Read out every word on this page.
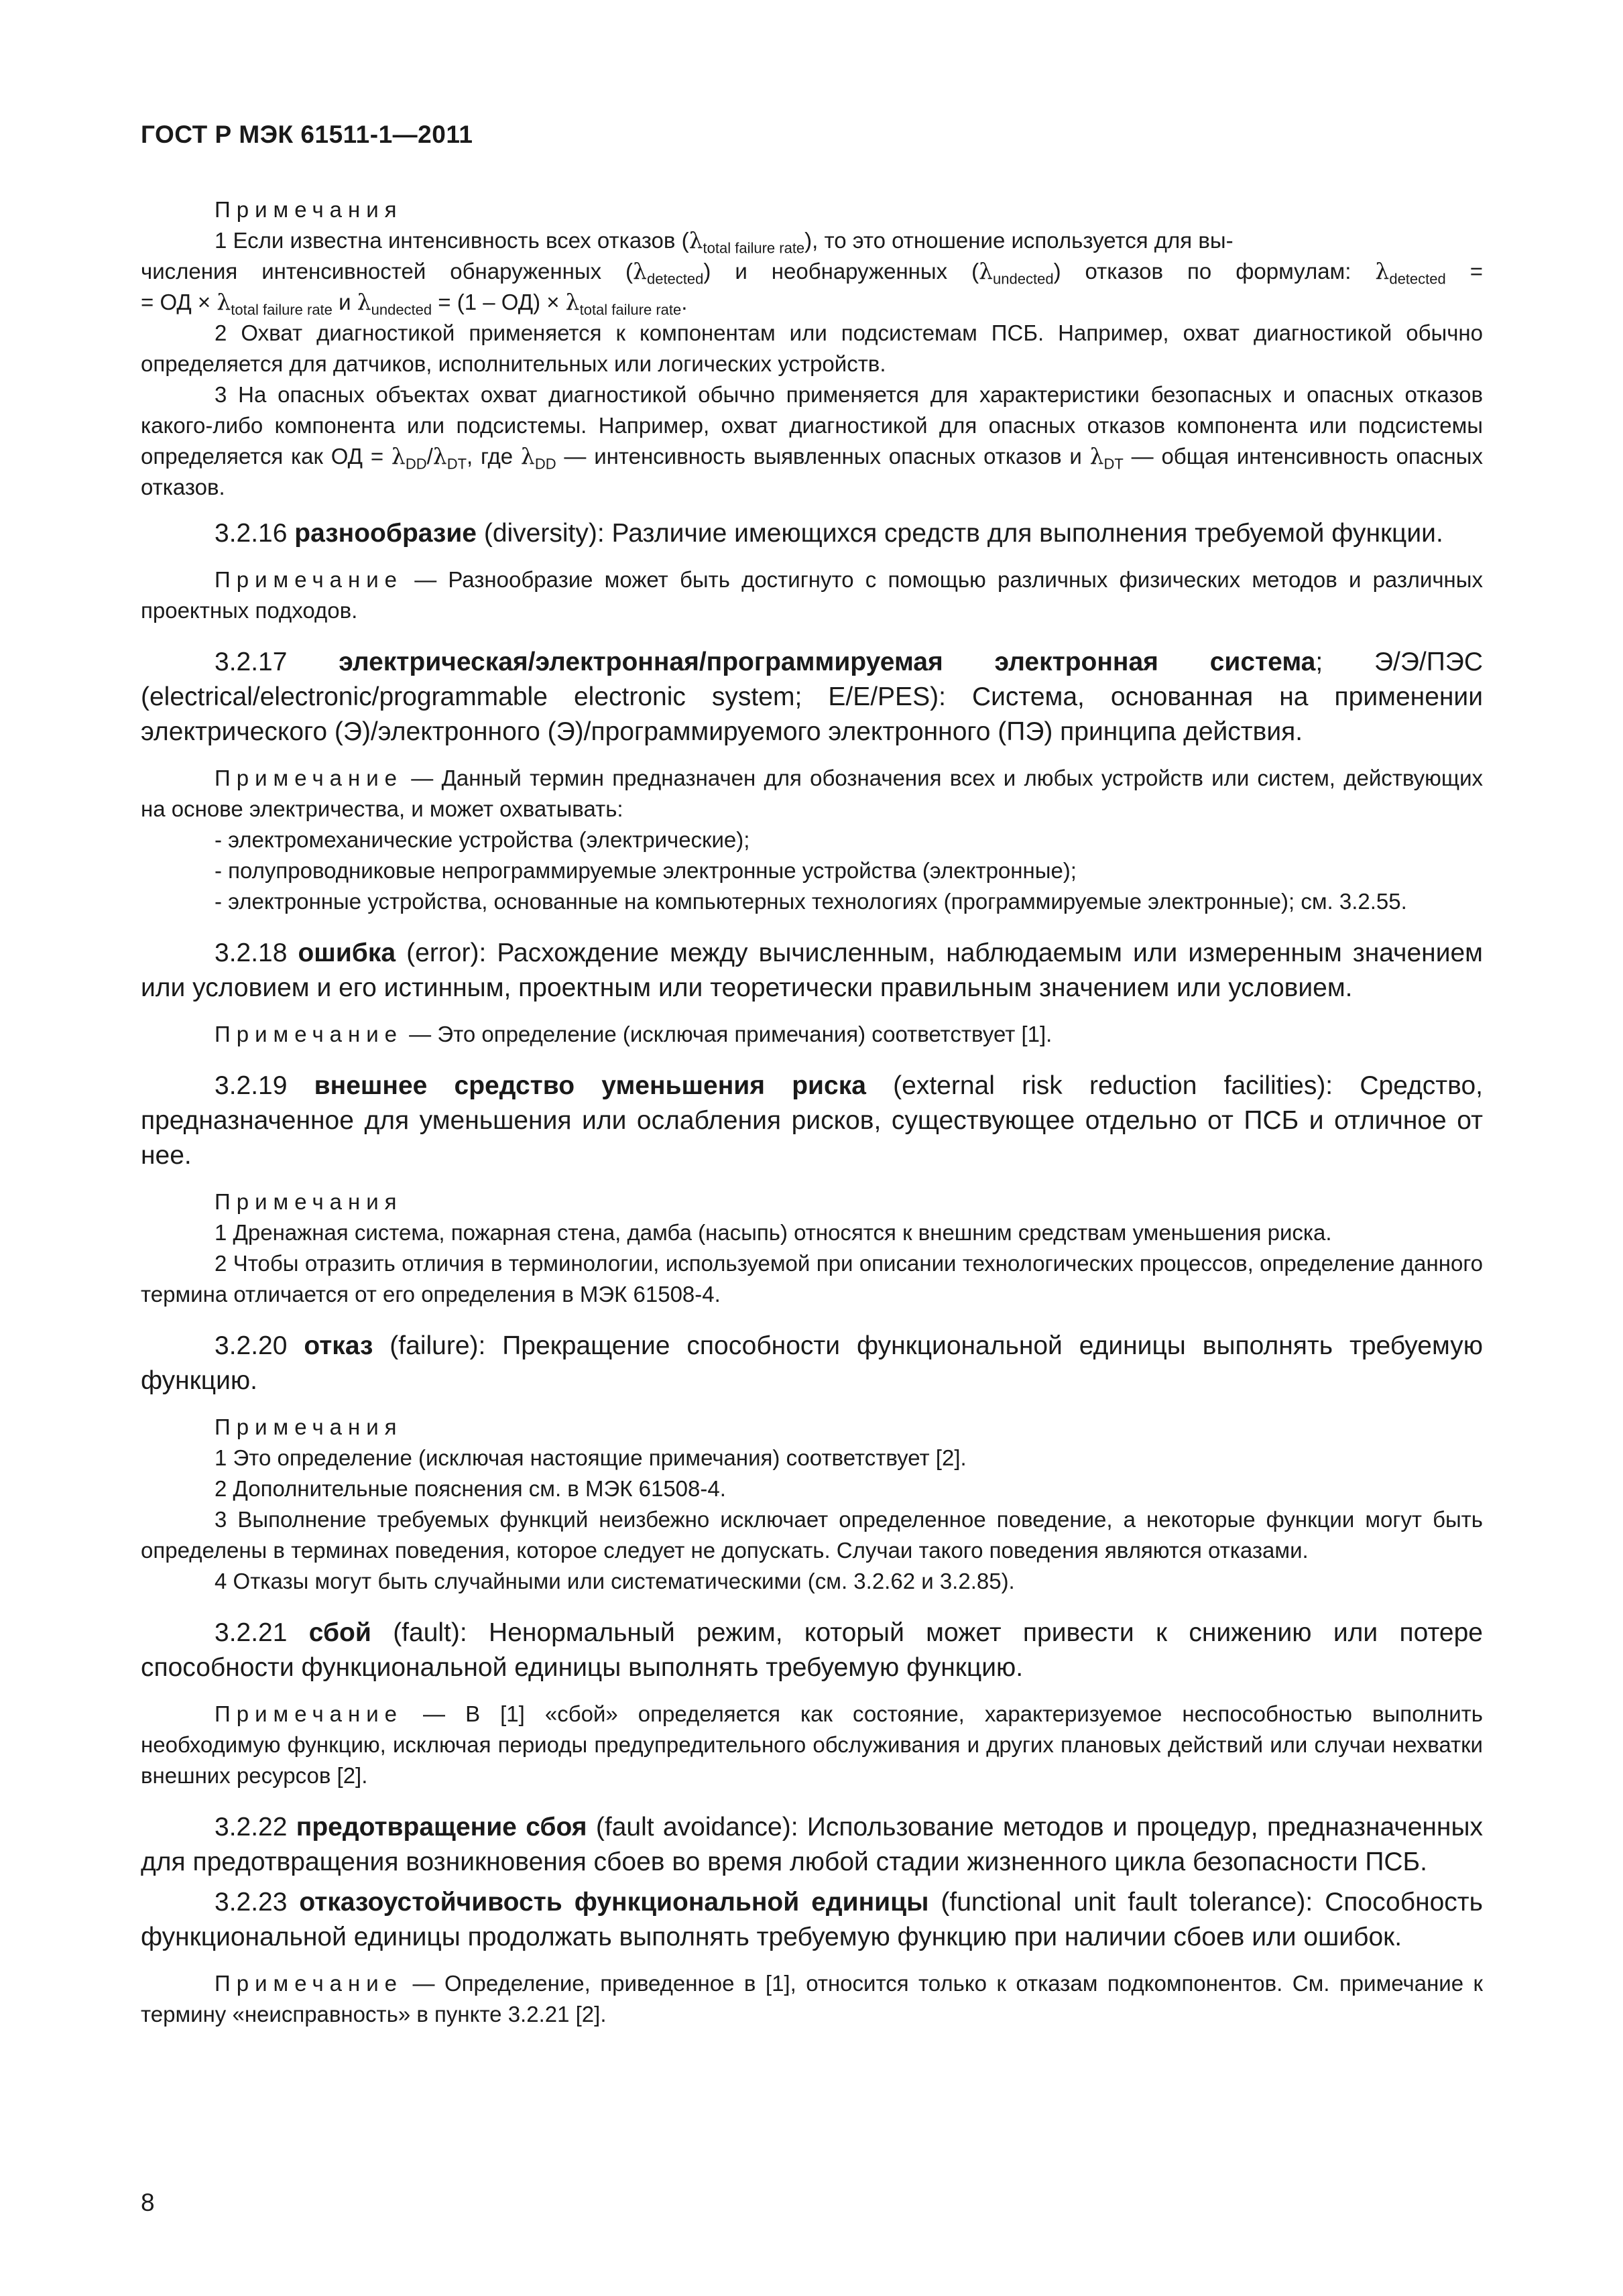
ГОСТ Р МЭК 61511-1—2011

Примечания

1 Если известна интенсивность всех отказов $(\lambda_{total failure rate})$, то это отношение используется для вы-

числения интенсивностей обнаруженных $(\lambda_{detected})$ и необнаруженных $(\lambda_{undected})$ отказов по формулам: $\lambda_{detected}$ =

= ОД × $\lambda_{total failure rate}$ и $\lambda_{undected} = (1 - ОД) \times \lambda_{total failure rate}$.

2 Охват диагностикой применяется к компонентам или подсистемам ПСБ. Например, охват диагностикой обычно определяется для датчиков, исполнительных или логических устройств.

3 На опасных объектах охват диагностикой обычно применяется для характеристики безопасных и опасных отказов какого-либо компонента или подсистемы. Например, охват диагностикой для опасных отказов компонента или подсистемы определяется как ОД = $\lambda_{DD}/\lambda_{DT}$, где $\lambda_{DD}$ — интенсивность выявленных опасных отказов и $\lambda_{DT}$ — общая интенсивность опасных отказов.

3.2.16 разнообразие (diversity): Различие имеющихся средств для выполнения требуемой функции.

Примечание — Разнообразие может быть достигнуто с помощью различных физических методов и различных проектных подходов.

3.2.17 электрическая/электронная/программируемая электронная система; Э/Э/ПЭС (electrical/electronic/programmable electronic system; E/E/PES): Система, основанная на применении электрического (Э)/электронного (Э)/программируемого электронного (ПЭ) принципа действия.

Примечание — Данный термин предназначен для обозначения всех и любых устройств или систем, действующих на основе электричества, и может охватывать:

- электромеханические устройства (электрические);

- полупроводниковые непрограммируемые электронные устройства (электронные);

- электронные устройства, основанные на компьютерных технологиях (программируемые электронные); см. 3.2.55.

3.2.18 ошибка (error): Расхождение между вычисленным, наблюдаемым или измеренным значением или условием и его истинным, проектным или теоретически правильным значением или условием.

Примечание — Это определение (исключая примечания) соответствует [1].

3.2.19 внешнее средство уменьшения риска (external risk reduction facilities): Средство, предназначенное для уменьшения или ослабления рисков, существующее отдельно от ПСБ и отличное от нее.

Примечания

1 Дренажная система, пожарная стена, дамба (насыпь) относятся к внешним средствам уменьшения риска.

2 Чтобы отразить отличия в терминологии, используемой при описании технологических процессов, определение данного термина отличается от его определения в МЭК 61508-4.

3.2.20 отказ (failure): Прекращение способности функциональной единицы выполнять требуемую функцию.

Примечания

1 Это определение (исключая настоящие примечания) соответствует [2].

2 Дополнительные пояснения см. в МЭК 61508-4.

3 Выполнение требуемых функций неизбежно исключает определенное поведение, а некоторые функции могут быть определены в терминах поведения, которое следует не допускать. Случаи такого поведения являются отказами.

4 Отказы могут быть случайными или систематическими (см. 3.2.62 и 3.2.85).

3.2.21 сбой (fault): Ненормальный режим, который может привести к снижению или потере способности функциональной единицы выполнять требуемую функцию.

Примечание — В [1] «сбой» определяется как состояние, характеризуемое неспособностью выполнить необходимую функцию, исключая периоды предупредительного обслуживания и других плановых действий или случаи нехватки внешних ресурсов [2].

3.2.22 предотвращение сбоя (fault avoidance): Использование методов и процедур, предназначенных для предотвращения возникновения сбоев во время любой стадии жизненного цикла безопасности ПСБ.

3.2.23 отказоустойчивость функциональной единицы (functional unit fault tolerance): Способность функциональной единицы продолжать выполнять требуемую функцию при наличии сбоев или ошибок.

Примечание — Определение, приведенное в [1], относится только к отказам подкомпонентов. См. примечание к термину «неисправность» в пункте 3.2.21 [2].

8
